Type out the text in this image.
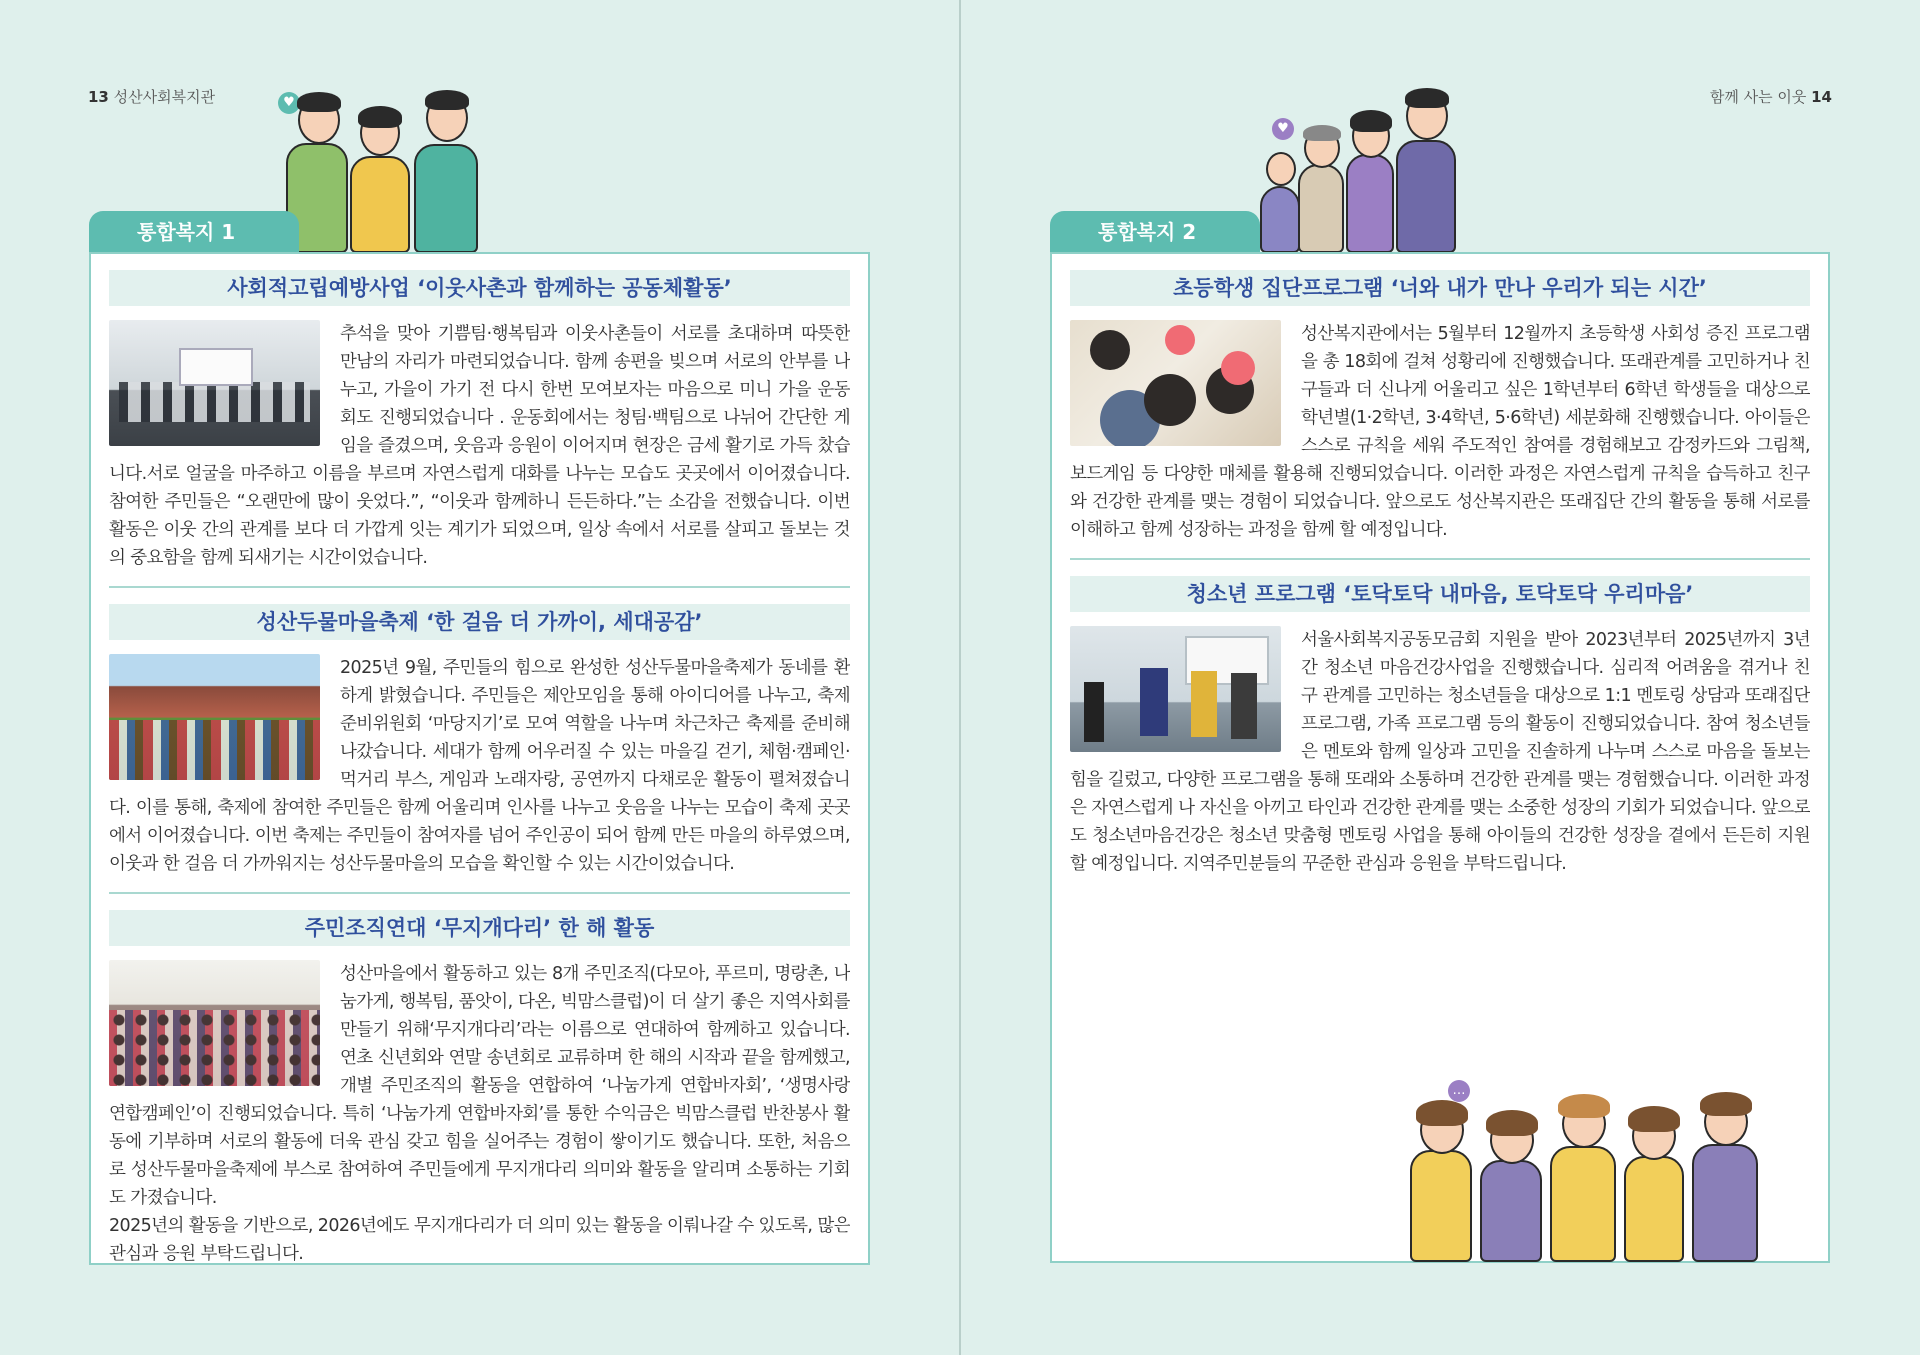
13 성산사회복지관	♥
통합복지 1
사회적고립예방사업 ‘이웃사촌과 함께하는 공동체활동’

추석을 맞아 기쁨팀·행복팀과 이웃사촌들이 서로를 초대하며 따뜻한 만남의 자리가 마련되었습니다. 함께 송편을 빚으며 서로의 안부를 나누고, 가을이 가기 전 다시 한번 모여보자는 마음으로 미니 가을 운동회도 진행되었습니다 . 운동회에서는 청팀·백팀으로 나뉘어 간단한 게임을 즐겼으며, 웃음과 응원이 이어지며 현장은 금세 활기로 가득 찼습니다.서로 얼굴을 마주하고 이름을 부르며 자연스럽게 대화를 나누는 모습도 곳곳에서 이어졌습니다. 참여한 주민들은 “오랜만에 많이 웃었다.”, “이웃과 함께하니 든든하다.”는 소감을 전했습니다. 이번 활동은 이웃 간의 관계를 보다 더 가깝게 잇는 계기가 되었으며, 일상 속에서 서로를 살피고 돌보는 것의 중요함을 함께 되새기는 시간이었습니다.

성산두물마을축제 ‘한 걸음 더 가까이, 세대공감’

2025년 9월, 주민들의 힘으로 완성한 성산두물마을축제가 동네를 환하게 밝혔습니다. 주민들은 제안모임을 통해 아이디어를 나누고, 축제준비위원회 ‘마당지기’로 모여 역할을 나누며 차근차근 축제를 준비해 나갔습니다. 세대가 함께 어우러질 수 있는 마을길 걷기, 체험·캠페인·먹거리 부스, 게임과 노래자랑, 공연까지 다채로운 활동이 펼쳐졌습니다. 이를 통해, 축제에 참여한 주민들은 함께 어울리며 인사를 나누고 웃음을 나누는 모습이 축제 곳곳에서 이어졌습니다. 이번 축제는 주민들이 참여자를 넘어 주인공이 되어 함께 만든 마을의 하루였으며, 이웃과 한 걸음 더 가까워지는 성산두물마을의 모습을 확인할 수 있는 시간이었습니다.

주민조직연대 ‘무지개다리’ 한 해 활동

성산마을에서 활동하고 있는 8개 주민조직(다모아, 푸르미, 명랑촌, 나눔가게, 행복팀, 품앗이, 다온, 빅맘스클럽)이 더 살기 좋은 지역사회를 만들기 위해‘무지개다리’라는 이름으로 연대하여 함께하고 있습니다. 연초 신년회와 연말 송년회로 교류하며 한 해의 시작과 끝을 함께했고, 개별 주민조직의 활동을 연합하여 ‘나눔가게 연합바자회’, ‘생명사랑 연합캠페인’이 진행되었습니다. 특히 ‘나눔가게 연합바자회’를 통한 수익금은 빅맘스클럽 반찬봉사 활동에 기부하며 서로의 활동에 더욱 관심 갖고 힘을 실어주는 경험이 쌓이기도 했습니다. 또한, 처음으로 성산두물마을축제에 부스로 참여하여 주민들에게 무지개다리 의미와 활동을 알리며 소통하는 기회도 가졌습니다.

2025년의 활동을 기반으로, 2026년에도 무지개다리가 더 의미 있는 활동을 이뤄나갈 수 있도록, 많은 관심과 응원 부탁드립니다.

함께 사는 이웃 14
♥
통합복지 2
초등학생 집단프로그램 ‘너와 내가 만나 우리가 되는 시간’

성산복지관에서는 5월부터 12월까지 초등학생 사회성 증진 프로그램을 총 18회에 걸쳐 성황리에 진행했습니다. 또래관계를 고민하거나 친구들과 더 신나게 어울리고 싶은 1학년부터 6학년 학생들을 대상으로 학년별(1·2학년, 3·4학년, 5·6학년) 세분화해 진행했습니다. 아이들은 스스로 규칙을 세워 주도적인 참여를 경험해보고 감정카드와 그림책, 보드게임 등 다양한 매체를 활용해 진행되었습니다. 이러한 과정은 자연스럽게 규칙을 습득하고 친구와 건강한 관계를 맺는 경험이 되었습니다. 앞으로도 성산복지관은 또래집단 간의 활동을 통해 서로를 이해하고 함께 성장하는 과정을 함께 할 예정입니다.

청소년 프로그램 ‘토닥토닥 내마음, 토닥토닥 우리마음’

서울사회복지공동모금회 지원을 받아 2023년부터 2025년까지 3년간 청소년 마음건강사업을 진행했습니다. 심리적 어려움을 겪거나 친구 관계를 고민하는 청소년들을 대상으로 1:1 멘토링 상담과 또래집단 프로그램, 가족 프로그램 등의 활동이 진행되었습니다. 참여 청소년들은 멘토와 함께 일상과 고민을 진솔하게 나누며 스스로 마음을 돌보는 힘을 길렀고, 다양한 프로그램을 통해 또래와 소통하며 건강한 관계를 맺는 경험했습니다. 이러한 과정은 자연스럽게 나 자신을 아끼고 타인과 건강한 관계를 맺는 소중한 성장의 기회가 되었습니다. 앞으로도 청소년마음건강은 청소년 맞춤형 멘토링 사업을 통해 아이들의 건강한 성장을 곁에서 든든히 지원할 예정입니다. 지역주민분들의 꾸준한 관심과 응원을 부탁드립니다.

…
